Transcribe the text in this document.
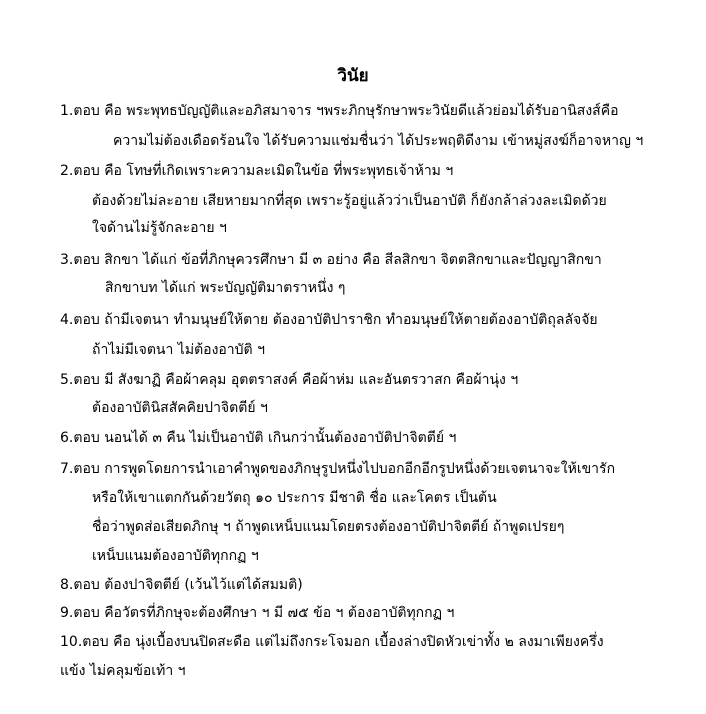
วินัย
1.ตอบ คือ พระพุทธบัญญัติและอภิสมาจาร ฯพระภิกษุรักษาพระวินัยดีแล้วย่อมได้รับอานิสงส์คือ
ความไม่ต้องเดือดร้อนใจ ได้รับความแช่มชื่นว่า ได้ประพฤติดีงาม เข้าหมู่สงฆ์ก็อาจหาญ ฯ
2.ตอบ คือ โทษที่เกิดเพราะความละเมิดในข้อ ที่พระพุทธเจ้าห้าม ฯ
ต้องด้วยไม่ละอาย เสียหายมากที่สุด เพราะรู้อยู่แล้วว่าเป็นอาบัติ ก็ยังกล้าล่วงละเมิดด้วย
ใจด้านไม่รู้จักละอาย ฯ
3.ตอบ สิกขา ได้แก่ ข้อที่ภิกษุควรศึกษา มี ๓ อย่าง คือ สีลสิกขา จิตตสิกขาและปัญญาสิกขา
สิกขาบท ได้แก่ พระบัญญัติมาตราหนึ่ง ๆ
4.ตอบ ถ้ามีเจตนา ทำมนุษย์ให้ตาย ต้องอาบัติปาราชิก ทำอมนุษย์ให้ตายต้องอาบัติถุลลัจจัย
ถ้าไม่มีเจตนา ไม่ต้องอาบัติ ฯ
5.ตอบ มี สังฆาฏิ คือผ้าคลุม อุตตราสงค์ คือผ้าห่ม และอันตรวาสก คือผ้านุ่ง ฯ
ต้องอาบัตินิสสัคคิยปาจิตตีย์ ฯ
6.ตอบ นอนได้ ๓ คืน ไม่เป็นอาบัติ เกินกว่านั้นต้องอาบัติปาจิตตีย์ ฯ
7.ตอบ การพูดโดยการนำเอาคำพูดของภิกษุรูปหนึ่งไปบอกอีกอีกรูปหนึ่งด้วยเจตนาจะให้เขารัก
หรือให้เขาแตกกันด้วยวัตถุ ๑๐ ประการ มีชาติ ชื่อ และโคตร เป็นต้น
ชื่อว่าพูดส่อเสียดภิกษุ ฯ ถ้าพูดเหน็บแนมโดยตรงต้องอาบัติปาจิตตีย์ ถ้าพูดเปรยๆ
เหน็บแนมต้องอาบัติทุกกฏ ฯ
8.ตอบ ต้องปาจิตตีย์ (เว้นไว้แต่ได้สมมติ)
9.ตอบ คือวัตรที่ภิกษุจะต้องศึกษา ฯ มี ๗๕ ข้อ ฯ ต้องอาบัติทุกกฏ ฯ
10.ตอบ คือ นุ่งเบื้องบนปิดสะดือ แต่ไม่ถึงกระโจมอก เบื้องล่างปิดหัวเข่าทั้ง ๒ ลงมาเพียงครึ่ง
แข้ง ไม่คลุมข้อเท้า ฯ
